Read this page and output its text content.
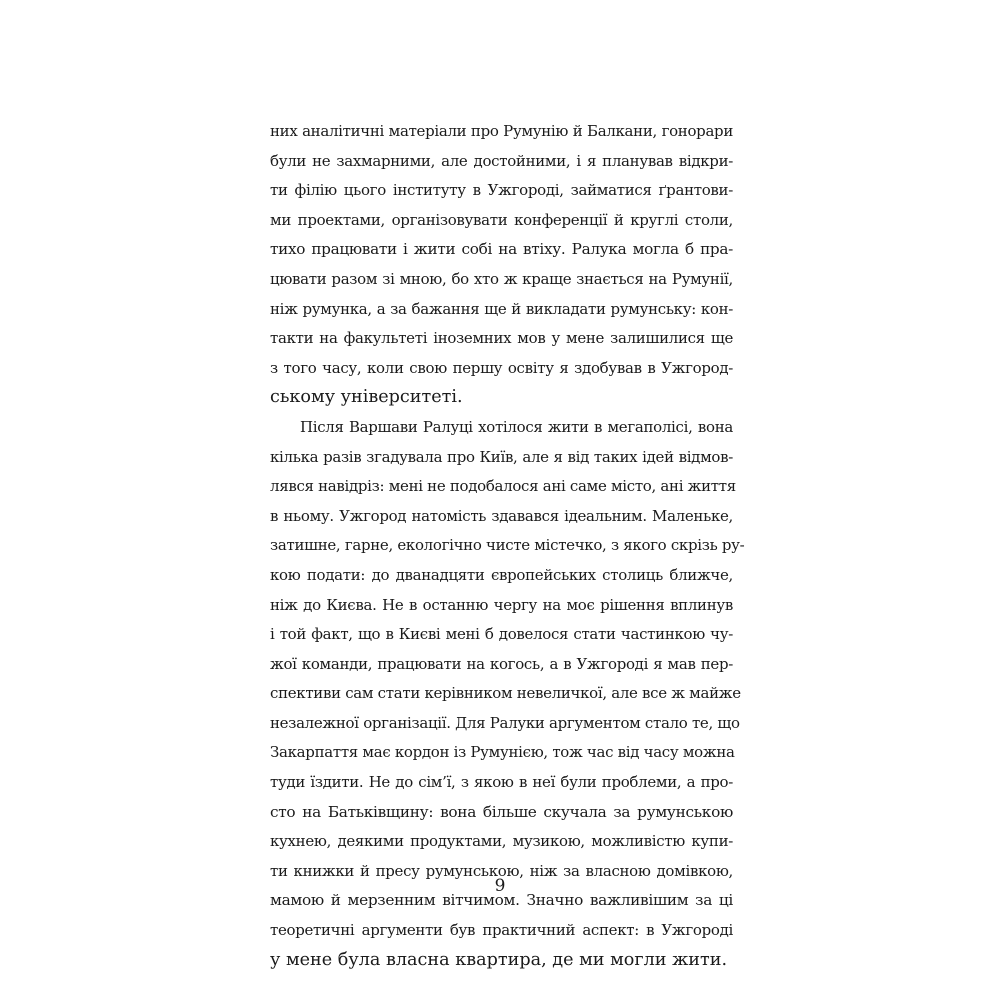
них аналітичні матеріали про Румунію й Балкани, гонорари
були не захмарними, але достойними, і я планував відкри-
ти філію цього інституту в Ужгороді, займатися ґрантови-
ми проектами, організовувати конференції й круглі столи,
тихо працювати і жити собі на втіху. Ралука могла б пра-
цювати разом зі мною, бо хто ж краще знається на Румунії,
ніж румунка, а за бажання ще й викладати румунську: кон-
такти на факультеті іноземних мов у мене залишилися ще
з того часу, коли свою першу освіту я здобував в Ужгород-
ському університеті.
Після Варшави Ралуці хотілося жити в мегаполісі, вона
кілька разів згадувала про Київ, але я від таких ідей відмов-
лявся навідріз: мені не подобалося ані саме місто, ані життя
в ньому. Ужгород натомість здавався ідеальним. Маленьке,
затишне, гарне, екологічно чисте містечко, з якого скрізь ру-
кою подати: до дванадцяти європейських столиць ближче,
ніж до Києва. Не в останню чергу на моє рішення вплинув
і той факт, що в Києві мені б довелося стати частинкою чу-
жої команди, працювати на когось, а в Ужгороді я мав пер-
спективи сам стати керівником невеличкої, але все ж майже
незалежної організації. Для Ралуки аргументом стало те, що
Закарпаття має кордон із Румунією, тож час від часу можна
туди їздити. Не до сім’ї, з якою в неї були проблеми, а про-
сто на Батьківщину: вона більше скучала за румунською
кухнею, деякими продуктами, музикою, можливістю купи-
ти книжки й пресу румунською, ніж за власною домівкою,
мамою й мерзенним вітчимом. Значно важливішим за ці
теоретичні аргументи був практичний аспект: в Ужгороді
у мене була власна квартира, де ми могли жити.
9
